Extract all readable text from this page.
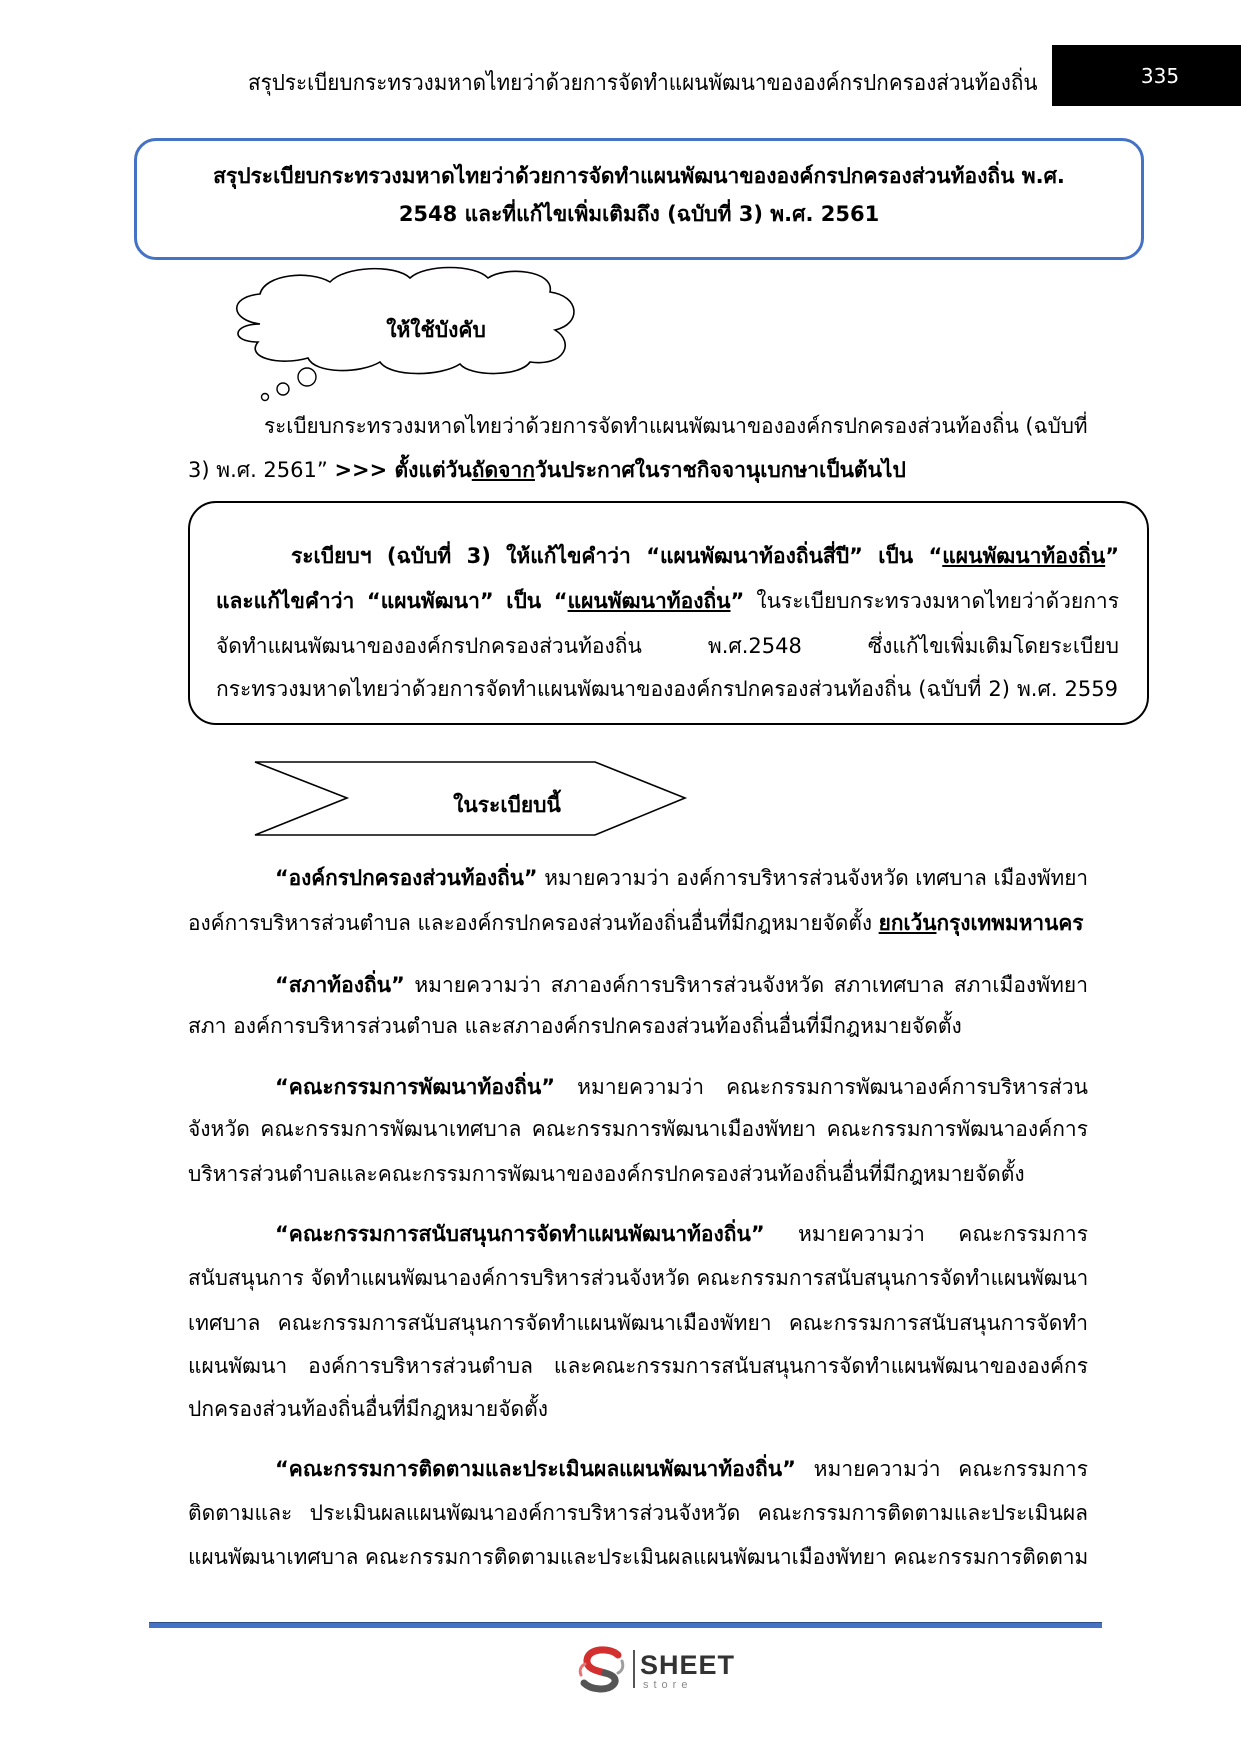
สรุประเบียบกระทรวงมหาดไทยว่าด้วยการจัดทำแผนพัฒนาขององค์กรปกครองส่วนท้องถิ่น	335
สรุประเบียบกระทรวงมหาดไทยว่าด้วยการจัดทำแผนพัฒนาขององค์กรปกครองส่วนท้องถิ่น พ.ศ.
2548 และที่แก้ไขเพิ่มเติมถึง (ฉบับที่ 3) พ.ศ. 2561
ให้ใช้บังคับ
ระเบียบกระทรวงมหาดไทยว่าด้วยการจัดทำแผนพัฒนาขององค์กรปกครองส่วนท้องถิ่น (ฉบับที่
3) พ.ศ. 2561” >>> ตั้งแต่วันถัดจากวันประกาศในราชกิจจานุเบกษาเป็นต้นไป
ระเบียบฯ (ฉบับที่ 3) ให้แก้ไขคำว่า “แผนพัฒนาท้องถิ่นสี่ปี” เป็น “แผนพัฒนาท้องถิ่น”
และแก้ไขคำว่า “แผนพัฒนา” เป็น “แผนพัฒนาท้องถิ่น” ในระเบียบกระทรวงมหาดไทยว่าด้วยการ
จัดทำแผนพัฒนาขององค์กรปกครองส่วนท้องถิ่น พ.ศ.2548 ซึ่งแก้ไขเพิ่มเติมโดยระเบียบ
กระทรวงมหาดไทยว่าด้วยการจัดทำแผนพัฒนาขององค์กรปกครองส่วนท้องถิ่น (ฉบับที่ 2) พ.ศ. 2559
ในระเบียบนี้
“องค์กรปกครองส่วนท้องถิ่น” หมายความว่า องค์การบริหารส่วนจังหวัด เทศบาล เมืองพัทยา
องค์การบริหารส่วนตำบล และองค์กรปกครองส่วนท้องถิ่นอื่นที่มีกฎหมายจัดตั้ง ยกเว้นกรุงเทพมหานคร
“สภาท้องถิ่น” หมายความว่า สภาองค์การบริหารส่วนจังหวัด สภาเทศบาล สภาเมืองพัทยา
สภา องค์การบริหารส่วนตำบล และสภาองค์กรปกครองส่วนท้องถิ่นอื่นที่มีกฎหมายจัดตั้ง
“คณะกรรมการพัฒนาท้องถิ่น” หมายความว่า คณะกรรมการพัฒนาองค์การบริหารส่วน
จังหวัด คณะกรรมการพัฒนาเทศบาล คณะกรรมการพัฒนาเมืองพัทยา คณะกรรมการพัฒนาองค์การ
บริหารส่วนตำบลและคณะกรรมการพัฒนาขององค์กรปกครองส่วนท้องถิ่นอื่นที่มีกฎหมายจัดตั้ง
“คณะกรรมการสนับสนุนการจัดทำแผนพัฒนาท้องถิ่น” หมายความว่า คณะกรรมการ
สนับสนุนการ จัดทำแผนพัฒนาองค์การบริหารส่วนจังหวัด คณะกรรมการสนับสนุนการจัดทำแผนพัฒนา
เทศบาล คณะกรรมการสนับสนุนการจัดทำแผนพัฒนาเมืองพัทยา คณะกรรมการสนับสนุนการจัดทำ
แผนพัฒนา องค์การบริหารส่วนตำบล และคณะกรรมการสนับสนุนการจัดทำแผนพัฒนาขององค์กร
ปกครองส่วนท้องถิ่นอื่นที่มีกฎหมายจัดตั้ง
“คณะกรรมการติดตามและประเมินผลแผนพัฒนาท้องถิ่น” หมายความว่า คณะกรรมการ
ติดตามและ ประเมินผลแผนพัฒนาองค์การบริหารส่วนจังหวัด คณะกรรมการติดตามและประเมินผล
แผนพัฒนาเทศบาล คณะกรรมการติดตามและประเมินผลแผนพัฒนาเมืองพัทยา คณะกรรมการติดตาม
SHEET
store
